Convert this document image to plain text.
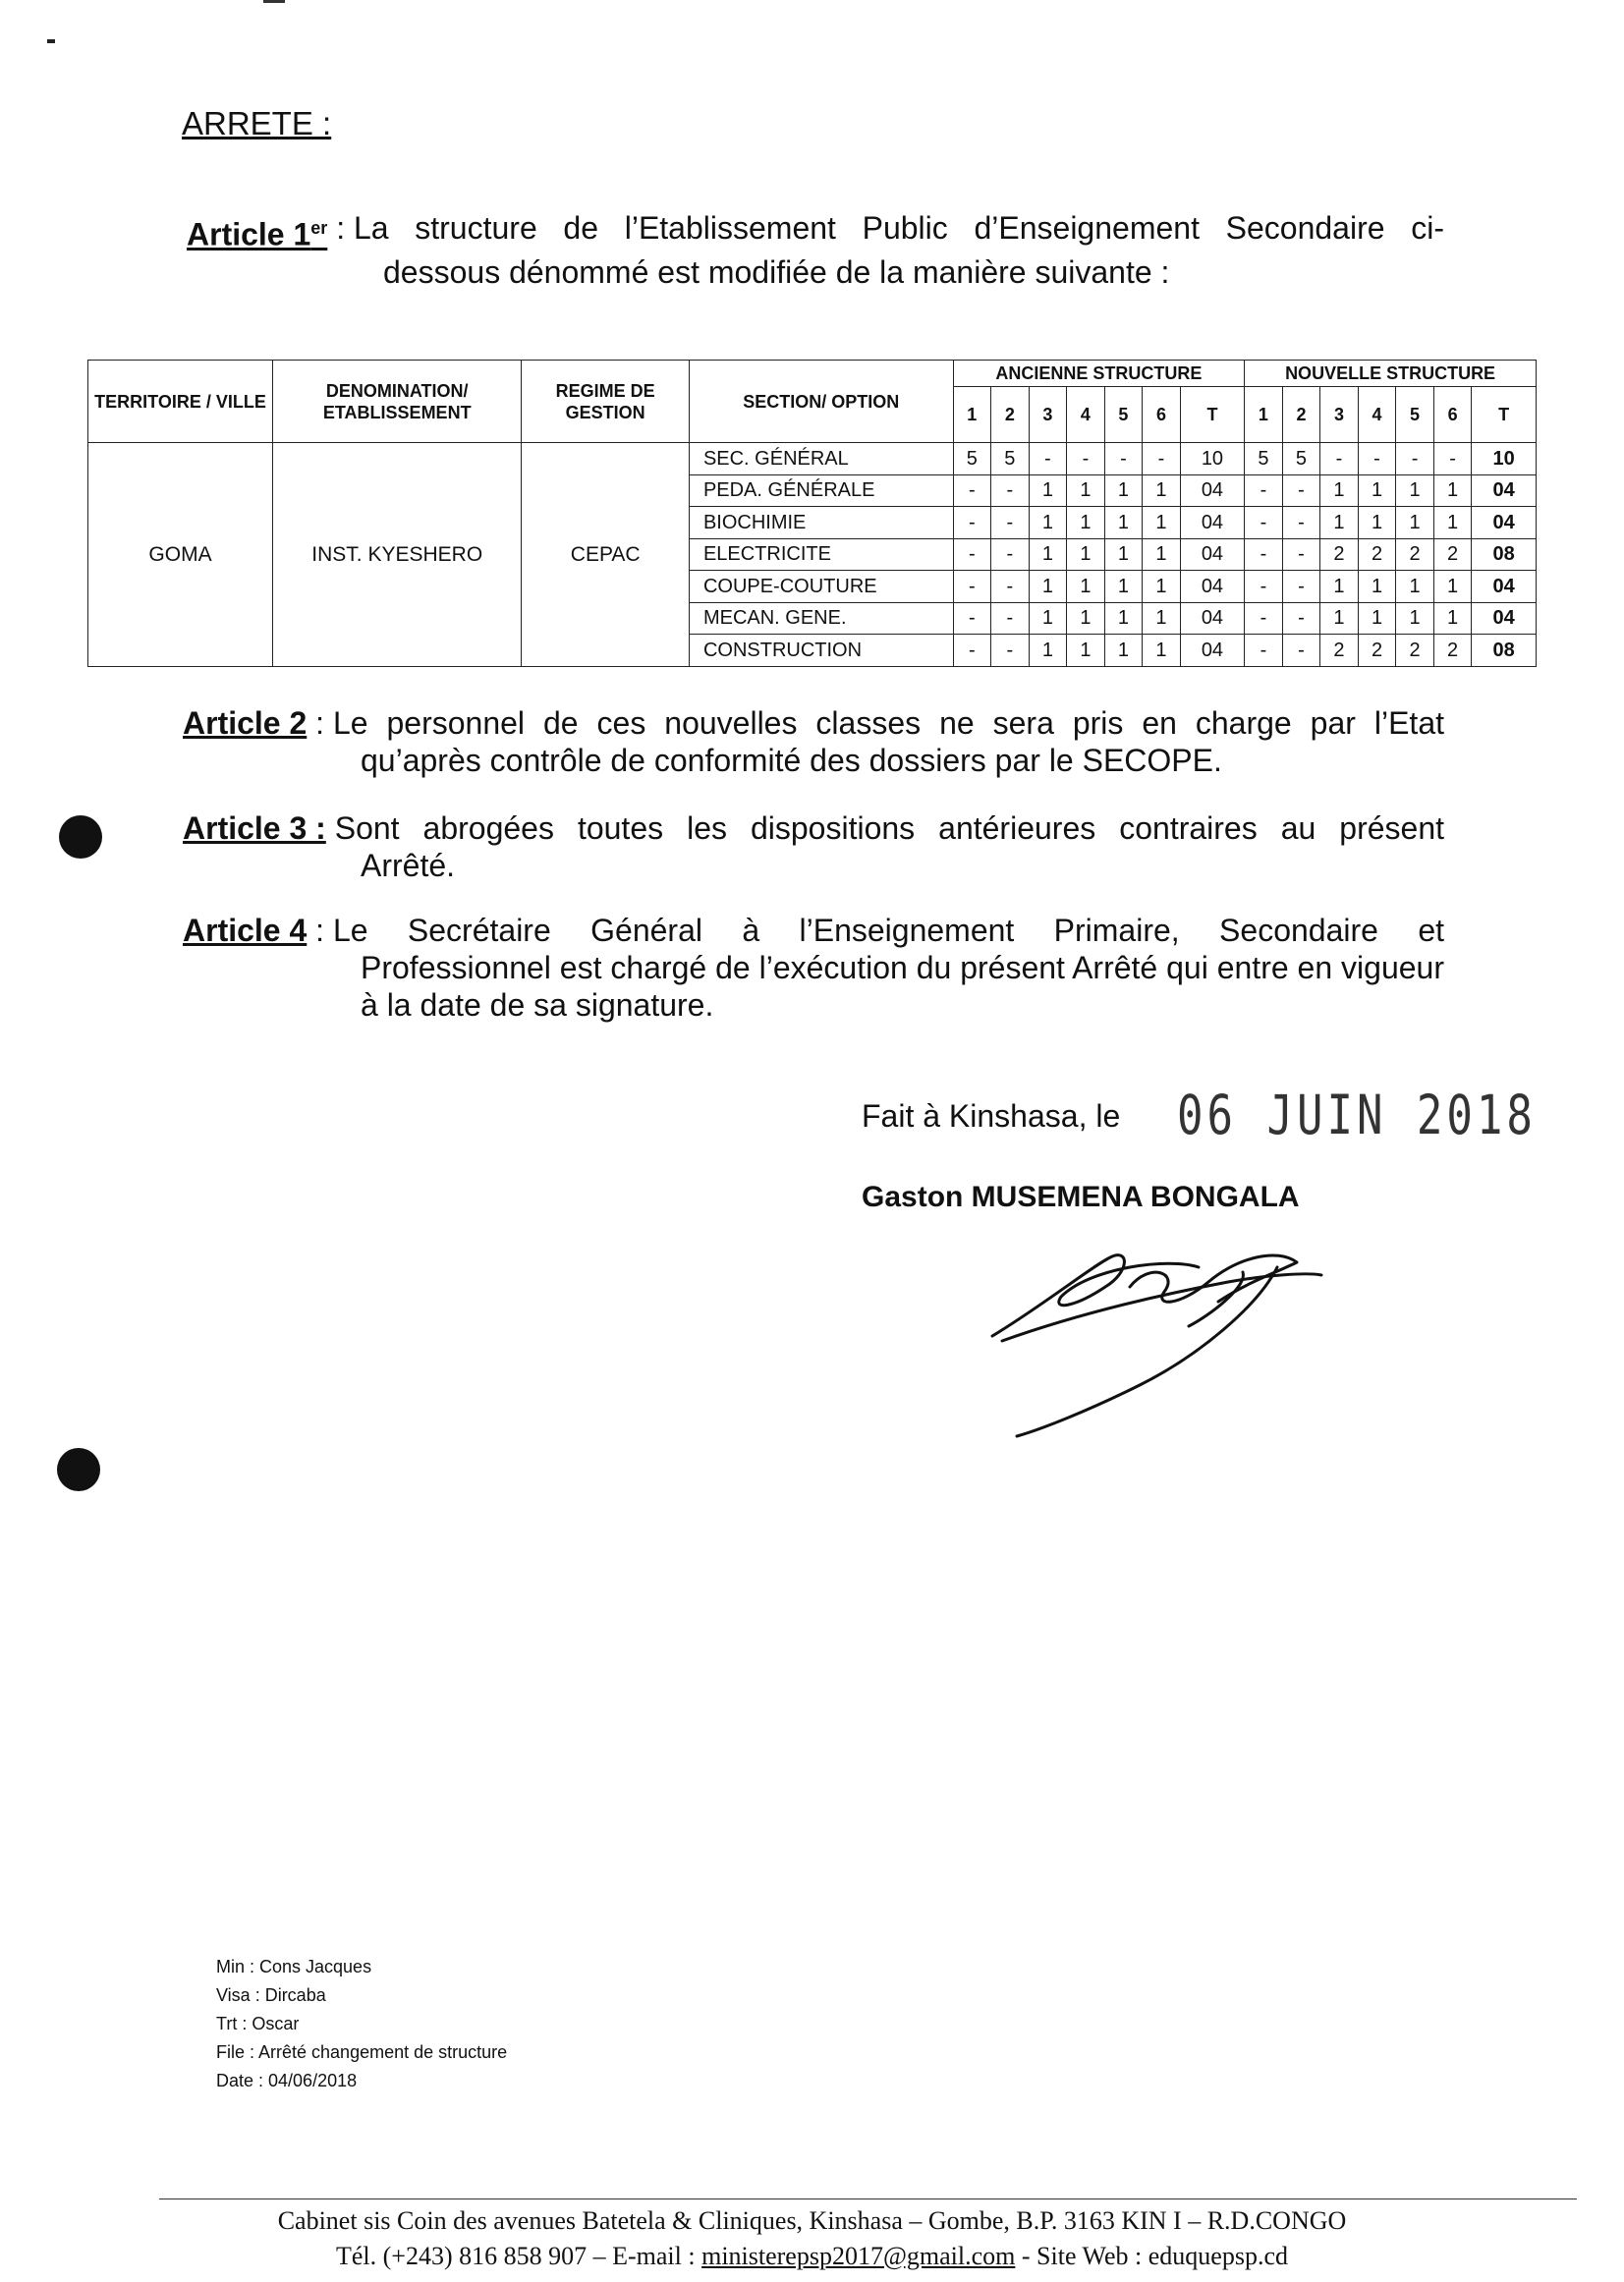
ARRETE :
Article 1er : La structure de l’Etablissement Public d’Enseignement Secondaire ci-
dessous dénommé est modifiée de la manière suivante :
TERRITOIRE / VILLE	DENOMINATION/ ETABLISSEMENT	REGIME DE GESTION	SECTION/ OPTION	ANCIENNE STRUCTURE							NOUVELLE STRUCTURE						
				1	2	3	4	5	6	T	1	2	3	4	5	6	T
GOMA	INST. KYESHERO	CEPAC	SEC. GÉNÉRAL	5	5	-	-	-	-	10	5	5	-	-	-	-	10
			PEDA. GÉNÉRALE	-	-	1	1	1	1	04	-	-	1	1	1	1	04
			BIOCHIMIE	-	-	1	1	1	1	04	-	-	1	1	1	1	04
			ELECTRICITE	-	-	1	1	1	1	04	-	-	2	2	2	2	08
			COUPE-COUTURE	-	-	1	1	1	1	04	-	-	1	1	1	1	04
			MECAN. GENE.	-	-	1	1	1	1	04	-	-	1	1	1	1	04
			CONSTRUCTION	-	-	1	1	1	1	04	-	-	2	2	2	2	08
Article 2 : Le personnel de ces nouvelles classes ne sera pris en charge par l’Etat
qu’après contrôle de conformité des dossiers par le SECOPE.
Article 3 :
Sont abrogées toutes les dispositions antérieures contraires au présent
Arrêté.
Article 4 : Le Secrétaire Général à l’Enseignement Primaire, Secondaire et
Professionnel est chargé de l’exécution du présent Arrêté qui entre en vigueur à la date de sa signature.
Fait à Kinshasa, le 06 JUIN 2018
Gaston MUSEMENA BONGALA
Min : Cons Jacques
Visa : Dircaba
Trt : Oscar
File : Arrêté changement de structure
Date : 04/06/2018
Cabinet sis Coin des avenues Batetela & Cliniques, Kinshasa – Gombe, B.P. 3163 KIN I – R.D.CONGO
Tél. (+243) 816 858 907 – E-mail : ministerepsp2017@gmail.com - Site Web : eduquepsp.cd
